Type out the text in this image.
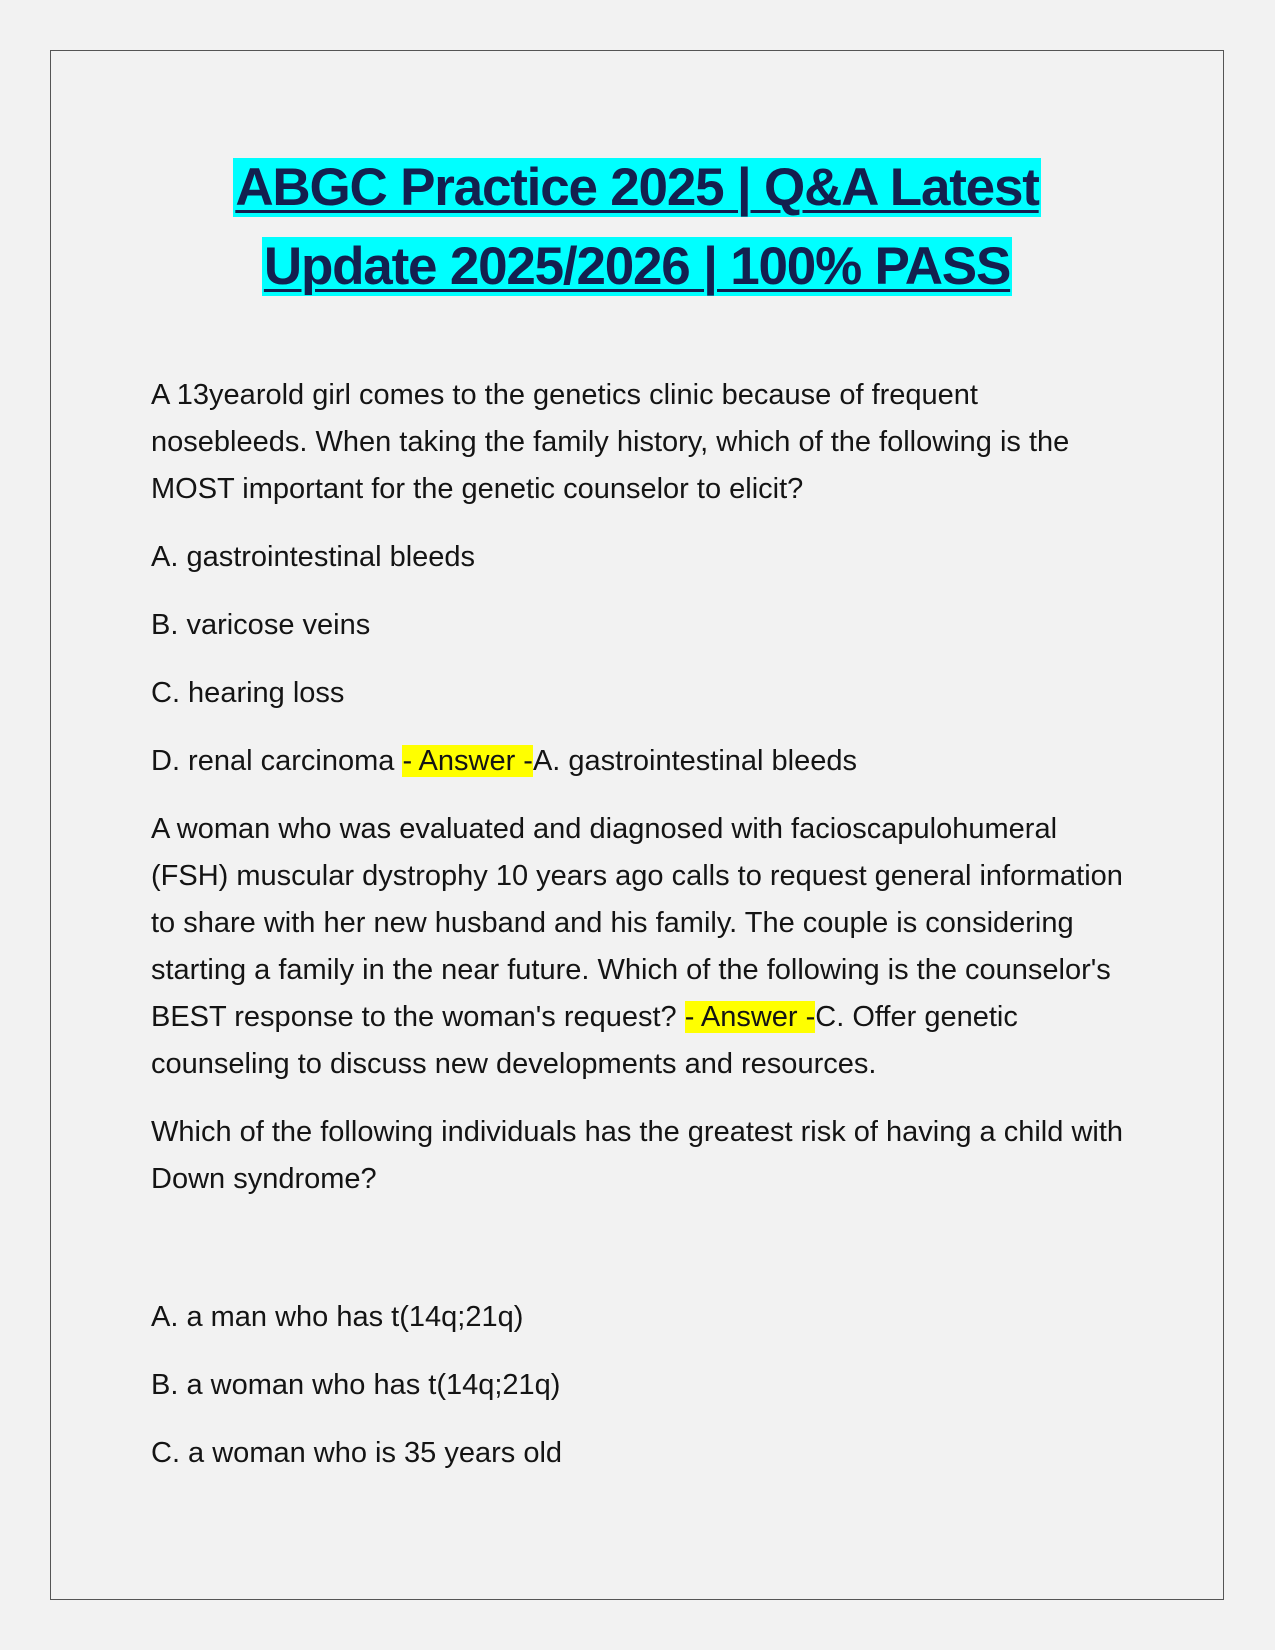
ABGC Practice 2025 | Q&A Latest
Update 2025/2026 | 100% PASS

A 13yearold girl comes to the genetics clinic because of frequent nosebleeds. When taking the family history, which of the following is the MOST important for the genetic counselor to elicit?

A. gastrointestinal bleeds

B. varicose veins

C. hearing loss

D. renal carcinoma - Answer -A. gastrointestinal bleeds

A woman who was evaluated and diagnosed with facioscapulohumeral (FSH) muscular dystrophy 10 years ago calls to request general information to share with her new husband and his family. The couple is considering starting a family in the near future. Which of the following is the counselor's BEST response to the woman's request? - Answer -C. Offer genetic counseling to discuss new developments and resources.

Which of the following individuals has the greatest risk of having a child with Down syndrome?

A. a man who has t(14q;21q)

B. a woman who has t(14q;21q)

C. a woman who is 35 years old
